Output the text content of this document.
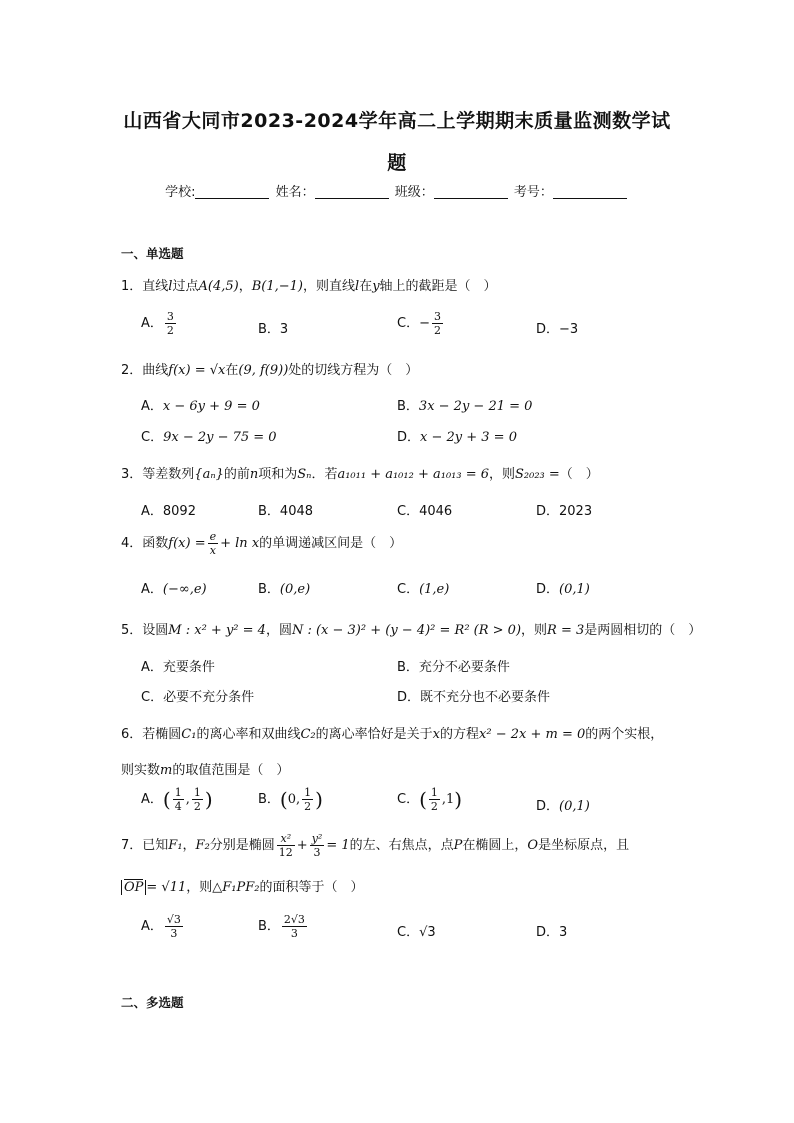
山西省大同市2023-2024学年高二上学期期末质量监测数学试
题
学校:	姓名：	班级：	考号：
一、单选题
1．直线l过点A(4,5)，B(1,−1)，则直线l在y轴上的截距是（　）
A． $\frac{3}{2}$	B．3	C．− $\frac{3}{2}$	D．−3
2．曲线f(x) = √x在(9, f(9))处的切线方程为（　）
A．x − 6y + 9 = 0	B．3x − 2y − 21 = 0
C．9x − 2y − 75 = 0	D．x − 2y + 3 = 0
3．等差数列{aₙ}的前n项和为Sₙ．若a₁₀₁₁ + a₁₀₁₂ + a₁₀₁₃ = 6，则S₂₀₂₃ =（　）
A．8092	B．4048	C．4046	D．2023
4．函数$f(x) = \frac{e}{x} + \ln x$的单调递减区间是（　）
A．(−∞,e)	B．(0,e)	C．(1,e)	D．(0,1)
5．设圆M : x² + y² = 4，圆N : (x − 3)² + (y − 4)² = R² (R > 0)，则R = 3是两圆相切的（　）
A．充要条件	B．充分不必要条件
C．必要不充分条件	D．既不充分也不必要条件
6．若椭圆C₁的离心率和双曲线C₂的离心率恰好是关于x的方程x² − 2x + m = 0的两个实根，
则实数m的取值范围是（　）
A．( $\frac{1}{4}$ , $\frac{1}{2}$ )	B．(0, $\frac{1}{2}$ )	C．( $\frac{1}{2} ,1$)	D．(0,1)
7．已知F₁，F₂分别是椭圆 $\frac{\text{x²}}{12} + \frac{\text{y²}}{3} = 1$的左、右焦点，点P在椭圆上，O是坐标原点，且
OP = √11，则△F₁PF₂的面积等于（　）
A． $\frac{√3}{3}$	B． $\frac{2√3}{3}$	C．√3	D．3
二、多选题
